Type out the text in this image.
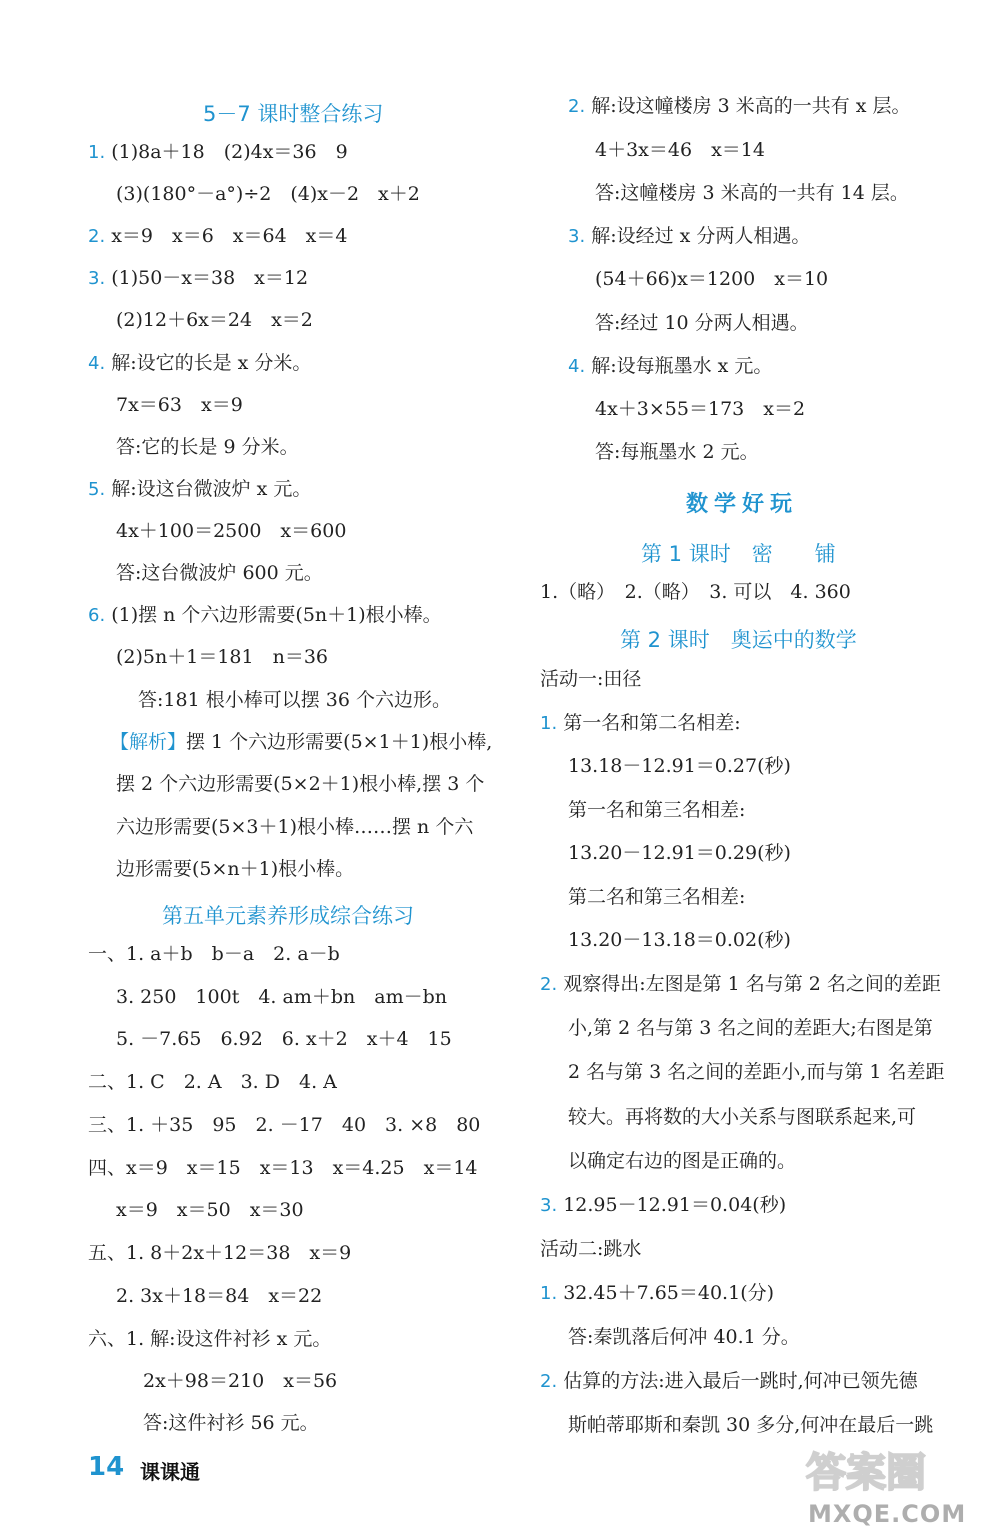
5－7 课时整合练习
1. (1)8a＋18　(2)4x＝36　9
(3)(180°－a°)÷2　(4)x－2　x＋2
2. x＝9　x＝6　x＝64　x＝4
3. (1)50－x＝38　x＝12
(2)12＋6x＝24　x＝2
4. 解:设它的长是 x 分米。
7x＝63　x＝9
答:它的长是 9 分米。
5. 解:设这台微波炉 x 元。
4x＋100＝2500　x＝600
答:这台微波炉 600 元。
6. (1)摆 n 个六边形需要(5n＋1)根小棒。
(2)5n＋1＝181　n＝36
答:181 根小棒可以摆 36 个六边形。
【解析】摆 1 个六边形需要(5×1＋1)根小棒,
摆 2 个六边形需要(5×2＋1)根小棒,摆 3 个
六边形需要(5×3＋1)根小棒……摆 n 个六
边形需要(5×n＋1)根小棒。
第五单元素养形成综合练习
一、1. a＋b　b－a　2. a－b
3. 250　100t　4. am＋bn　am－bn
5. －7.65　6.92　6. x＋2　x＋4　15
二、1. C　2. A　3. D　4. A
三、1. ＋35　95　2. －17　40　3. ×8　80
四、x＝9　x＝15　x＝13　x＝4.25　x＝14
x＝9　x＝50　x＝30
五、1. 8＋2x＋12＝38　x＝9
2. 3x＋18＝84　x＝22
六、1. 解:设这件衬衫 x 元。
2x＋98＝210　x＝56
答:这件衬衫 56 元。
2. 解:设这幢楼房 3 米高的一共有 x 层。
4＋3x＝46　x＝14
答:这幢楼房 3 米高的一共有 14 层。
3. 解:设经过 x 分两人相遇。
(54＋66)x＝1200　x＝10
答:经过 10 分两人相遇。
4. 解:设每瓶墨水 x 元。
4x＋3×55＝173　x＝2
答:每瓶墨水 2 元。
数学好玩
第 1 课时　密　　铺
1.（略）　2.（略）　3. 可以　4. 360
第 2 课时　奥运中的数学
活动一:田径
1. 第一名和第二名相差:
13.18－12.91＝0.27(秒)
第一名和第三名相差:
13.20－12.91＝0.29(秒)
第二名和第三名相差:
13.20－13.18＝0.02(秒)
2. 观察得出:左图是第 1 名与第 2 名之间的差距
小,第 2 名与第 3 名之间的差距大;右图是第
2 名与第 3 名之间的差距小,而与第 1 名差距
较大。再将数的大小关系与图联系起来,可
以确定右边的图是正确的。
3. 12.95－12.91＝0.04(秒)
活动二:跳水
1. 32.45＋7.65＝40.1(分)
答:秦凯落后何冲 40.1 分。
2. 估算的方法:进入最后一跳时,何冲已领先德
斯帕蒂耶斯和秦凯 30 多分,何冲在最后一跳
14 课课通	答案圈
MXQE.COM
